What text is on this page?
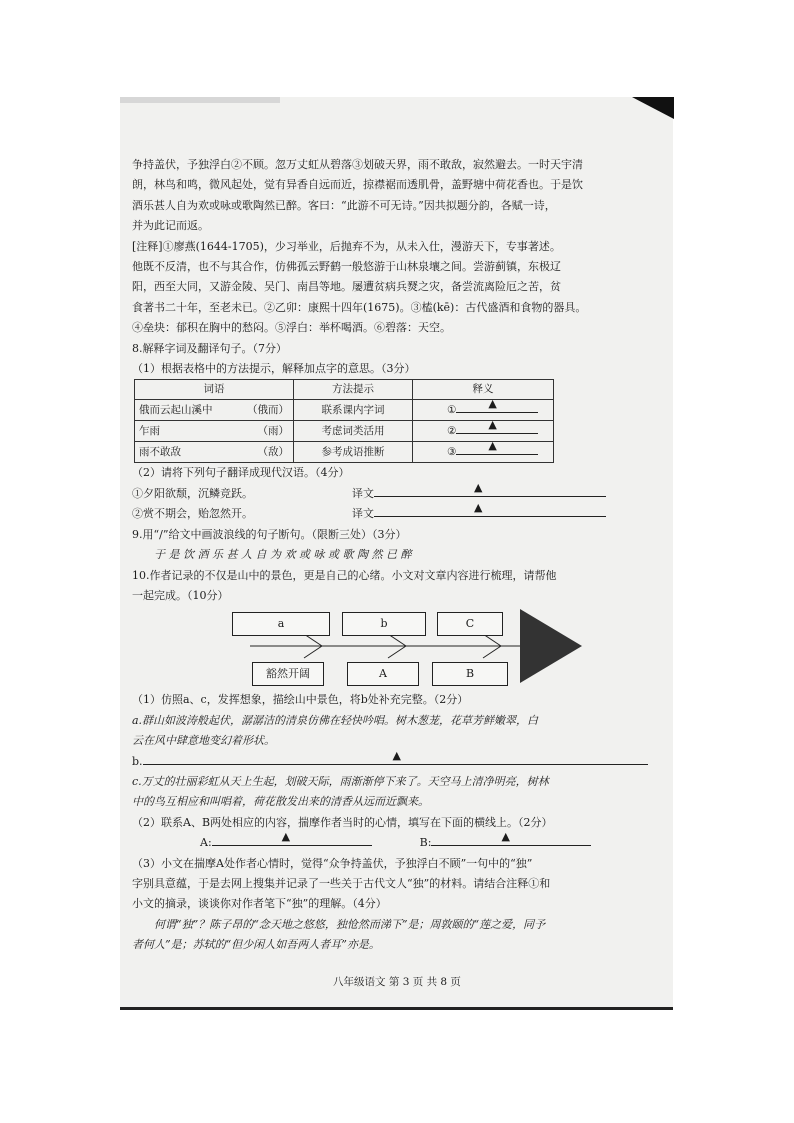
争持盖伏，予独浮白②不顾。忽万丈虹从碧落③划破天界，雨不敢敌，寂然避去。一时天宇清

朗，林鸟和鸣，微风起处，觉有异香自远而近，掠襟裾而透肌骨，盖野塘中荷花香也。于是饮

酒乐甚人自为欢或咏或歌陶然已醉。客曰：“此游不可无诗。”因共拟题分韵，各赋一诗，

并为此记而返。

[注释]①廖燕(1644-1705)，少习举业，后抛弃不为，从未入仕，漫游天下，专事著述。

他既不反清，也不与其合作，仿佛孤云野鹤一般悠游于山林泉壤之间。尝游蓟镇，东极辽

阳，西至大同，又游金陵、吴门、南昌等地。屡遭贫病兵燹之灾，备尝流离险厄之苦，贫

食著书二十年，至老未已。②乙卯：康熙十四年(1675)。③榼(kē)：古代盛酒和食物的器具。

④垒块：郁积在胸中的愁闷。⑤浮白：举杯喝酒。⑥碧落：天空。

8.解释字词及翻译句子。（7分）

（1）根据表格中的方法提示，解释加点字的意思。（3分）

词语	方法提示	释义
俄而云起山溪中 （俄而）	联系课内字词	① ▲

乍雨 （雨）	考虑词类活用	② ▲

雨不敢敌 （敌）	参考成语推断	③ ▲

（2）请将下列句子翻译成现代汉语。（4分）

①夕阳欲颓，沉鳞竞跃。	译文	▲

②赏不期会，贻忽然开。	译文	▲

9.用“/”给文中画波浪线的句子断句。（限断三处）（3分）

于 是 饮 酒 乐 甚 人 自 为 欢 或 咏 或 歌 陶 然 已 醉

10.作者记录的不仅是山中的景色，更是自己的心绪。小文对文章内容进行梳理，请帮他

一起完成。（10分）

a	b	C
豁然开阔	A	B

（1）仿照a、c，发挥想象，描绘山中景色，将b处补充完整。（2分）

a.群山如波涛般起伏，潺潺洁的清泉仿佛在轻快吟唱。树木葱茏，花草芳鲜嫩翠，白

云在风中肆意地变幻着形状。

b.	▲

c.万丈的壮丽彩虹从天上生起，划破天际，雨渐渐停下来了。天空马上清净明亮，树林

中的鸟互相应和叫唱着，荷花散发出来的清香从远而近飘来。

（2）联系A、B两处相应的内容，揣摩作者当时的心情，填写在下面的横线上。（2分）

A:	▲	B:	▲

（3）小文在揣摩A处作者心情时，觉得“众争持盖伏，予独浮白不顾”一句中的“独”

字别具意蕴，于是去网上搜集并记录了一些关于古代文人“独”的材料。请结合注释①和

小文的摘录，谈谈你对作者笔下“独”的理解。（4分）

何谓“独”？陈子昂的“念天地之悠悠，独怆然而涕下”是；周敦颐的“莲之爱，同予

者何人”是；苏轼的“但少闲人如吾两人者耳”亦是。

八年级语文 第 3 页 共 8 页
